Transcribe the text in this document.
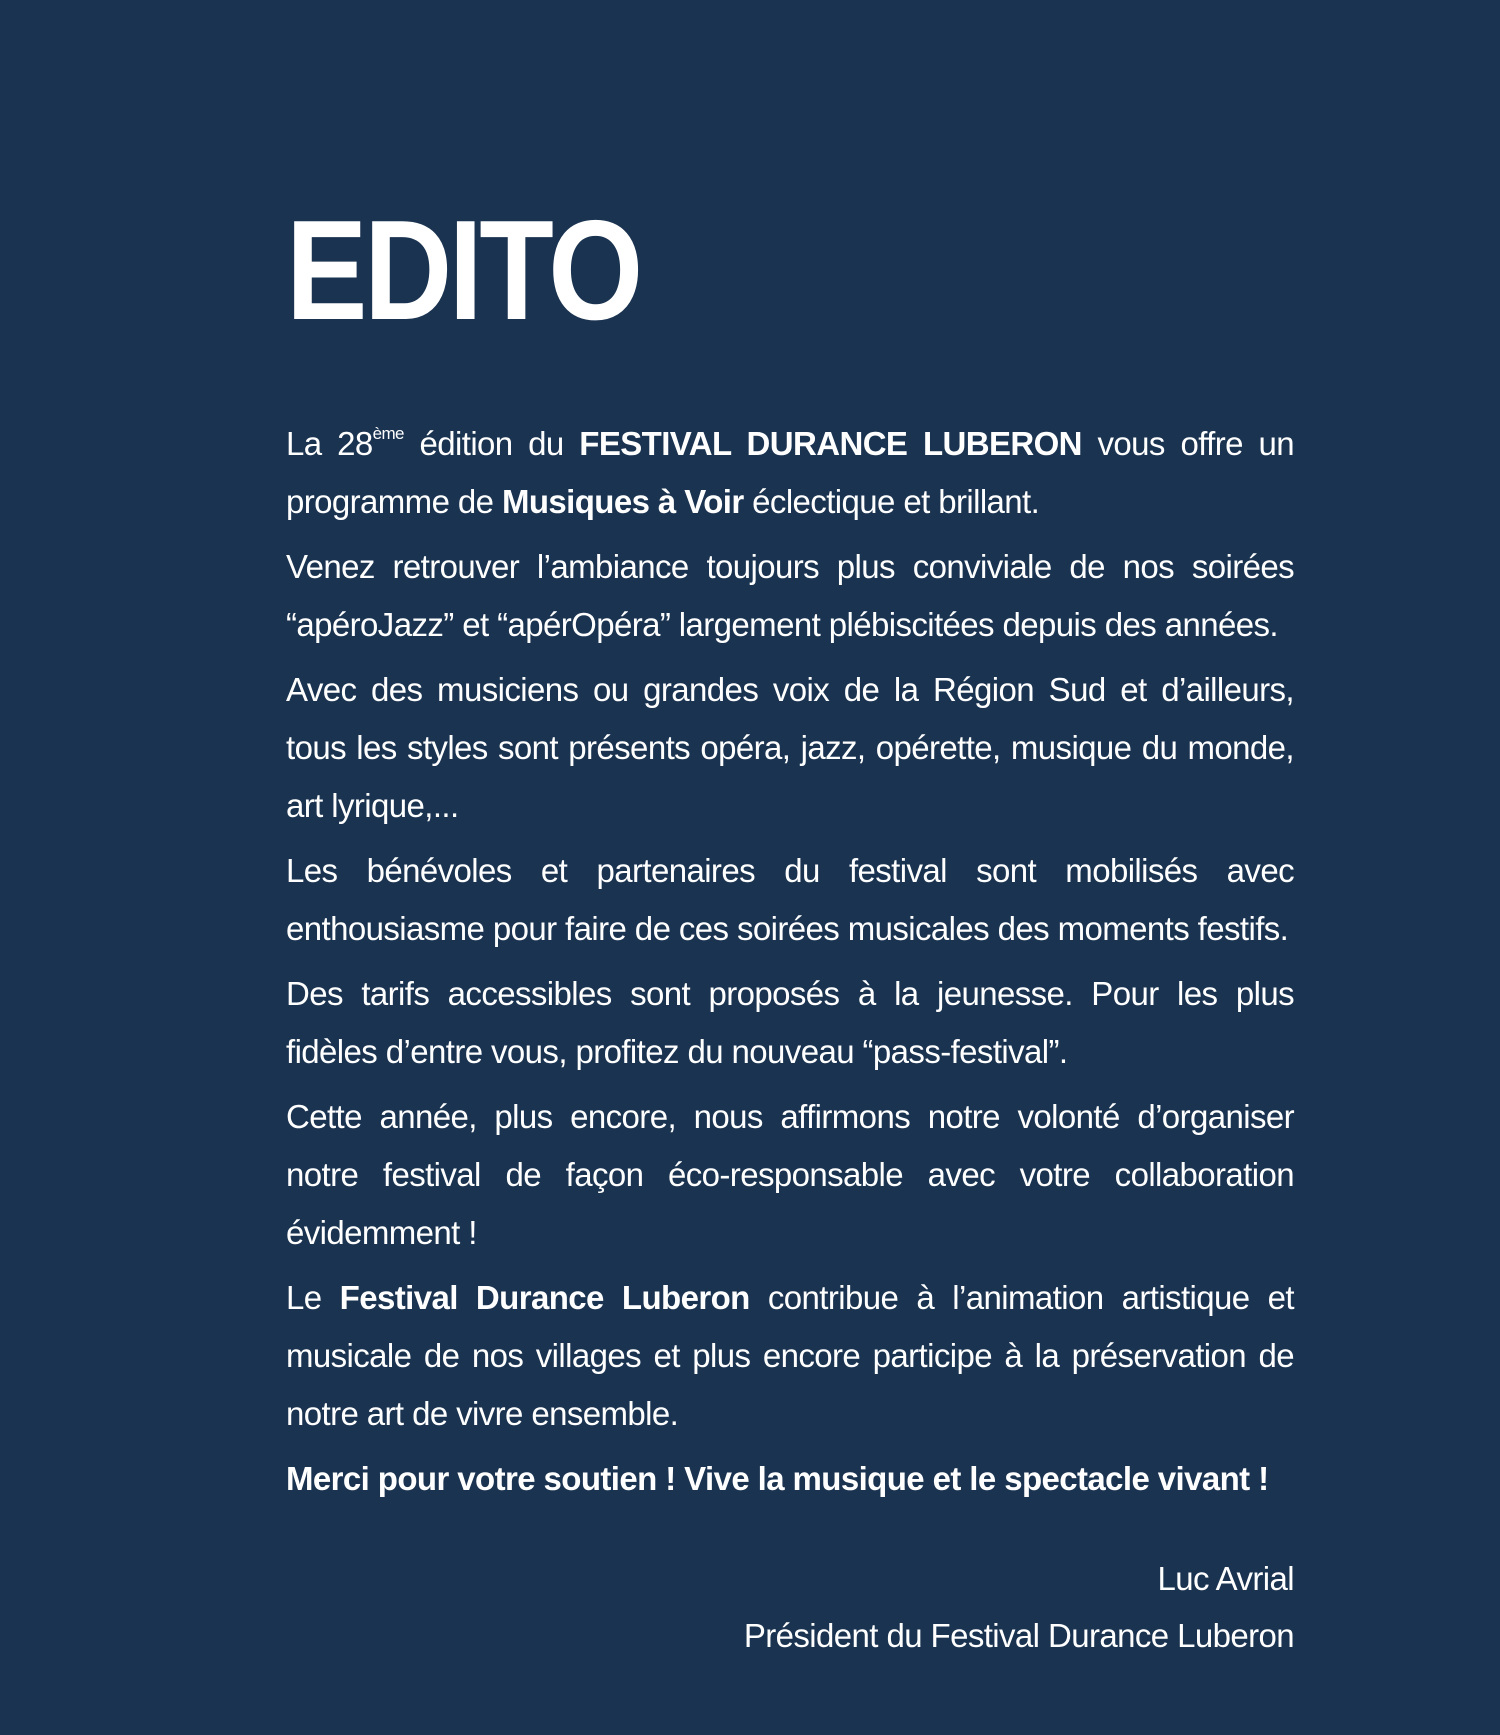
EDITO

La 28ème édition du FESTIVAL DURANCE LUBERON vous offre un programme de Musiques à Voir éclectique et brillant.

Venez retrouver l’ambiance toujours plus conviviale de nos soirées “apéroJazz” et “apérOpéra” largement plébiscitées depuis des années.

Avec des musiciens ou grandes voix de la Région Sud et d’ailleurs, tous les styles sont présents opéra, jazz, opérette, musique du monde, art lyrique,...

Les bénévoles et partenaires du festival sont mobilisés avec enthousiasme pour faire de ces soirées musicales des moments festifs.

Des tarifs accessibles sont proposés à la jeunesse. Pour les plus fidèles d’entre vous, profitez du nouveau “pass-festival”.

Cette année, plus encore, nous affirmons notre volonté d’organiser notre festival de façon éco-responsable avec votre collaboration évidemment !

Le Festival Durance Luberon contribue à l’animation artistique et musicale de nos villages et plus encore participe à la préservation de notre art de vivre ensemble.

Merci pour votre soutien ! Vive la musique et le spectacle vivant !

Luc Avrial
Président du Festival Durance Luberon
